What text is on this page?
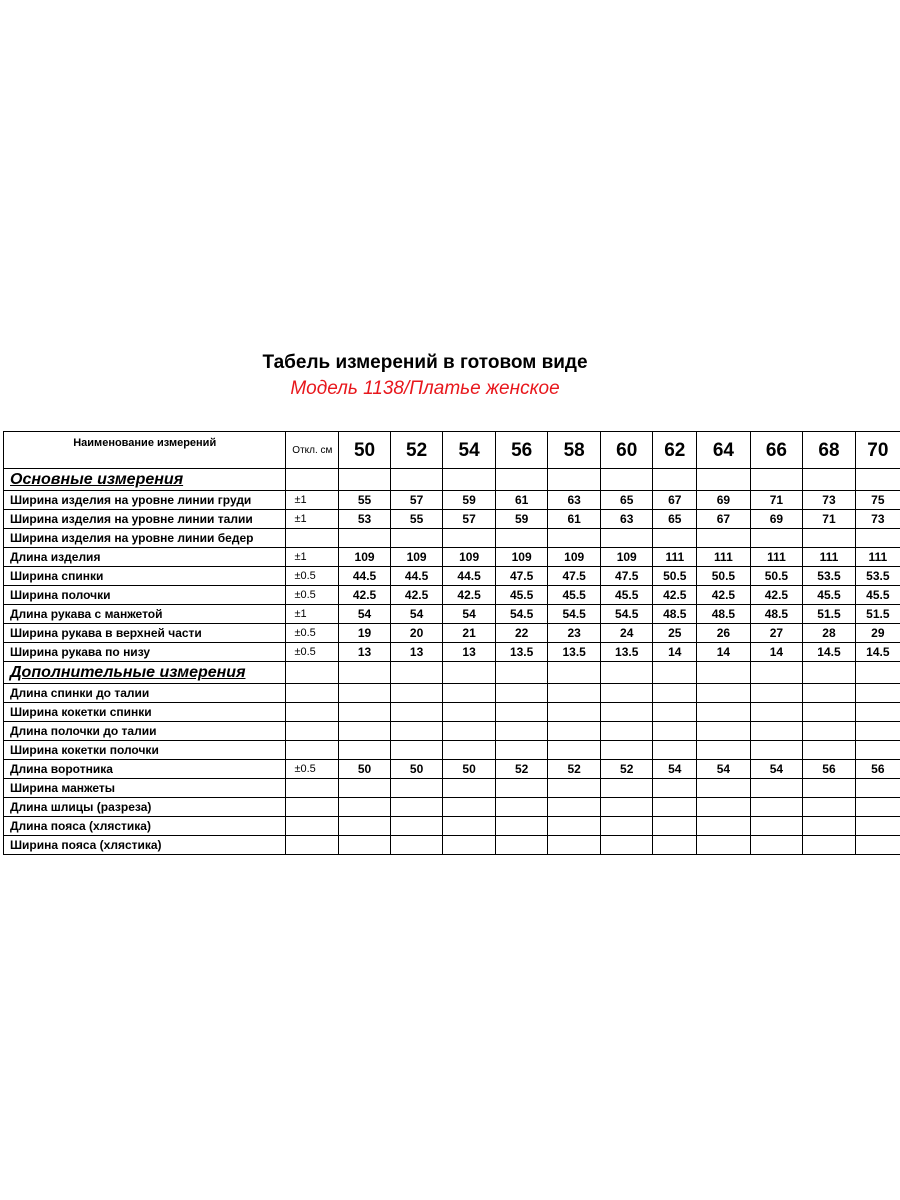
Табель измерений в готовом виде
Модель 1138/Платье женское
Наименование измерений	Откл. см	50	52	54	56	58	60	62	64	66	68	70
Основные измерения												
Ширина изделия на уровне линии груди	±1	55	57	59	61	63	65	67	69	71	73	75
Ширина изделия на уровне линии талии	±1	53	55	57	59	61	63	65	67	69	71	73
Ширина изделия на уровне линии бедер												
Длина изделия	±1	109	109	109	109	109	109	111	111	111	111	111
Ширина спинки	±0.5	44.5	44.5	44.5	47.5	47.5	47.5	50.5	50.5	50.5	53.5	53.5
Ширина полочки	±0.5	42.5	42.5	42.5	45.5	45.5	45.5	42.5	42.5	42.5	45.5	45.5
Длина рукава с манжетой	±1	54	54	54	54.5	54.5	54.5	48.5	48.5	48.5	51.5	51.5
Ширина рукава в верхней части	±0.5	19	20	21	22	23	24	25	26	27	28	29
Ширина рукава по низу	±0.5	13	13	13	13.5	13.5	13.5	14	14	14	14.5	14.5
Дополнительные измерения												
Длина спинки до талии												
Ширина кокетки спинки												
Длина полочки до талии												
Ширина кокетки полочки												
Длина воротника	±0.5	50	50	50	52	52	52	54	54	54	56	56
Ширина манжеты												
Длина шлицы (разреза)												
Длина пояса (хлястика)												
Ширина пояса (хлястика)												
